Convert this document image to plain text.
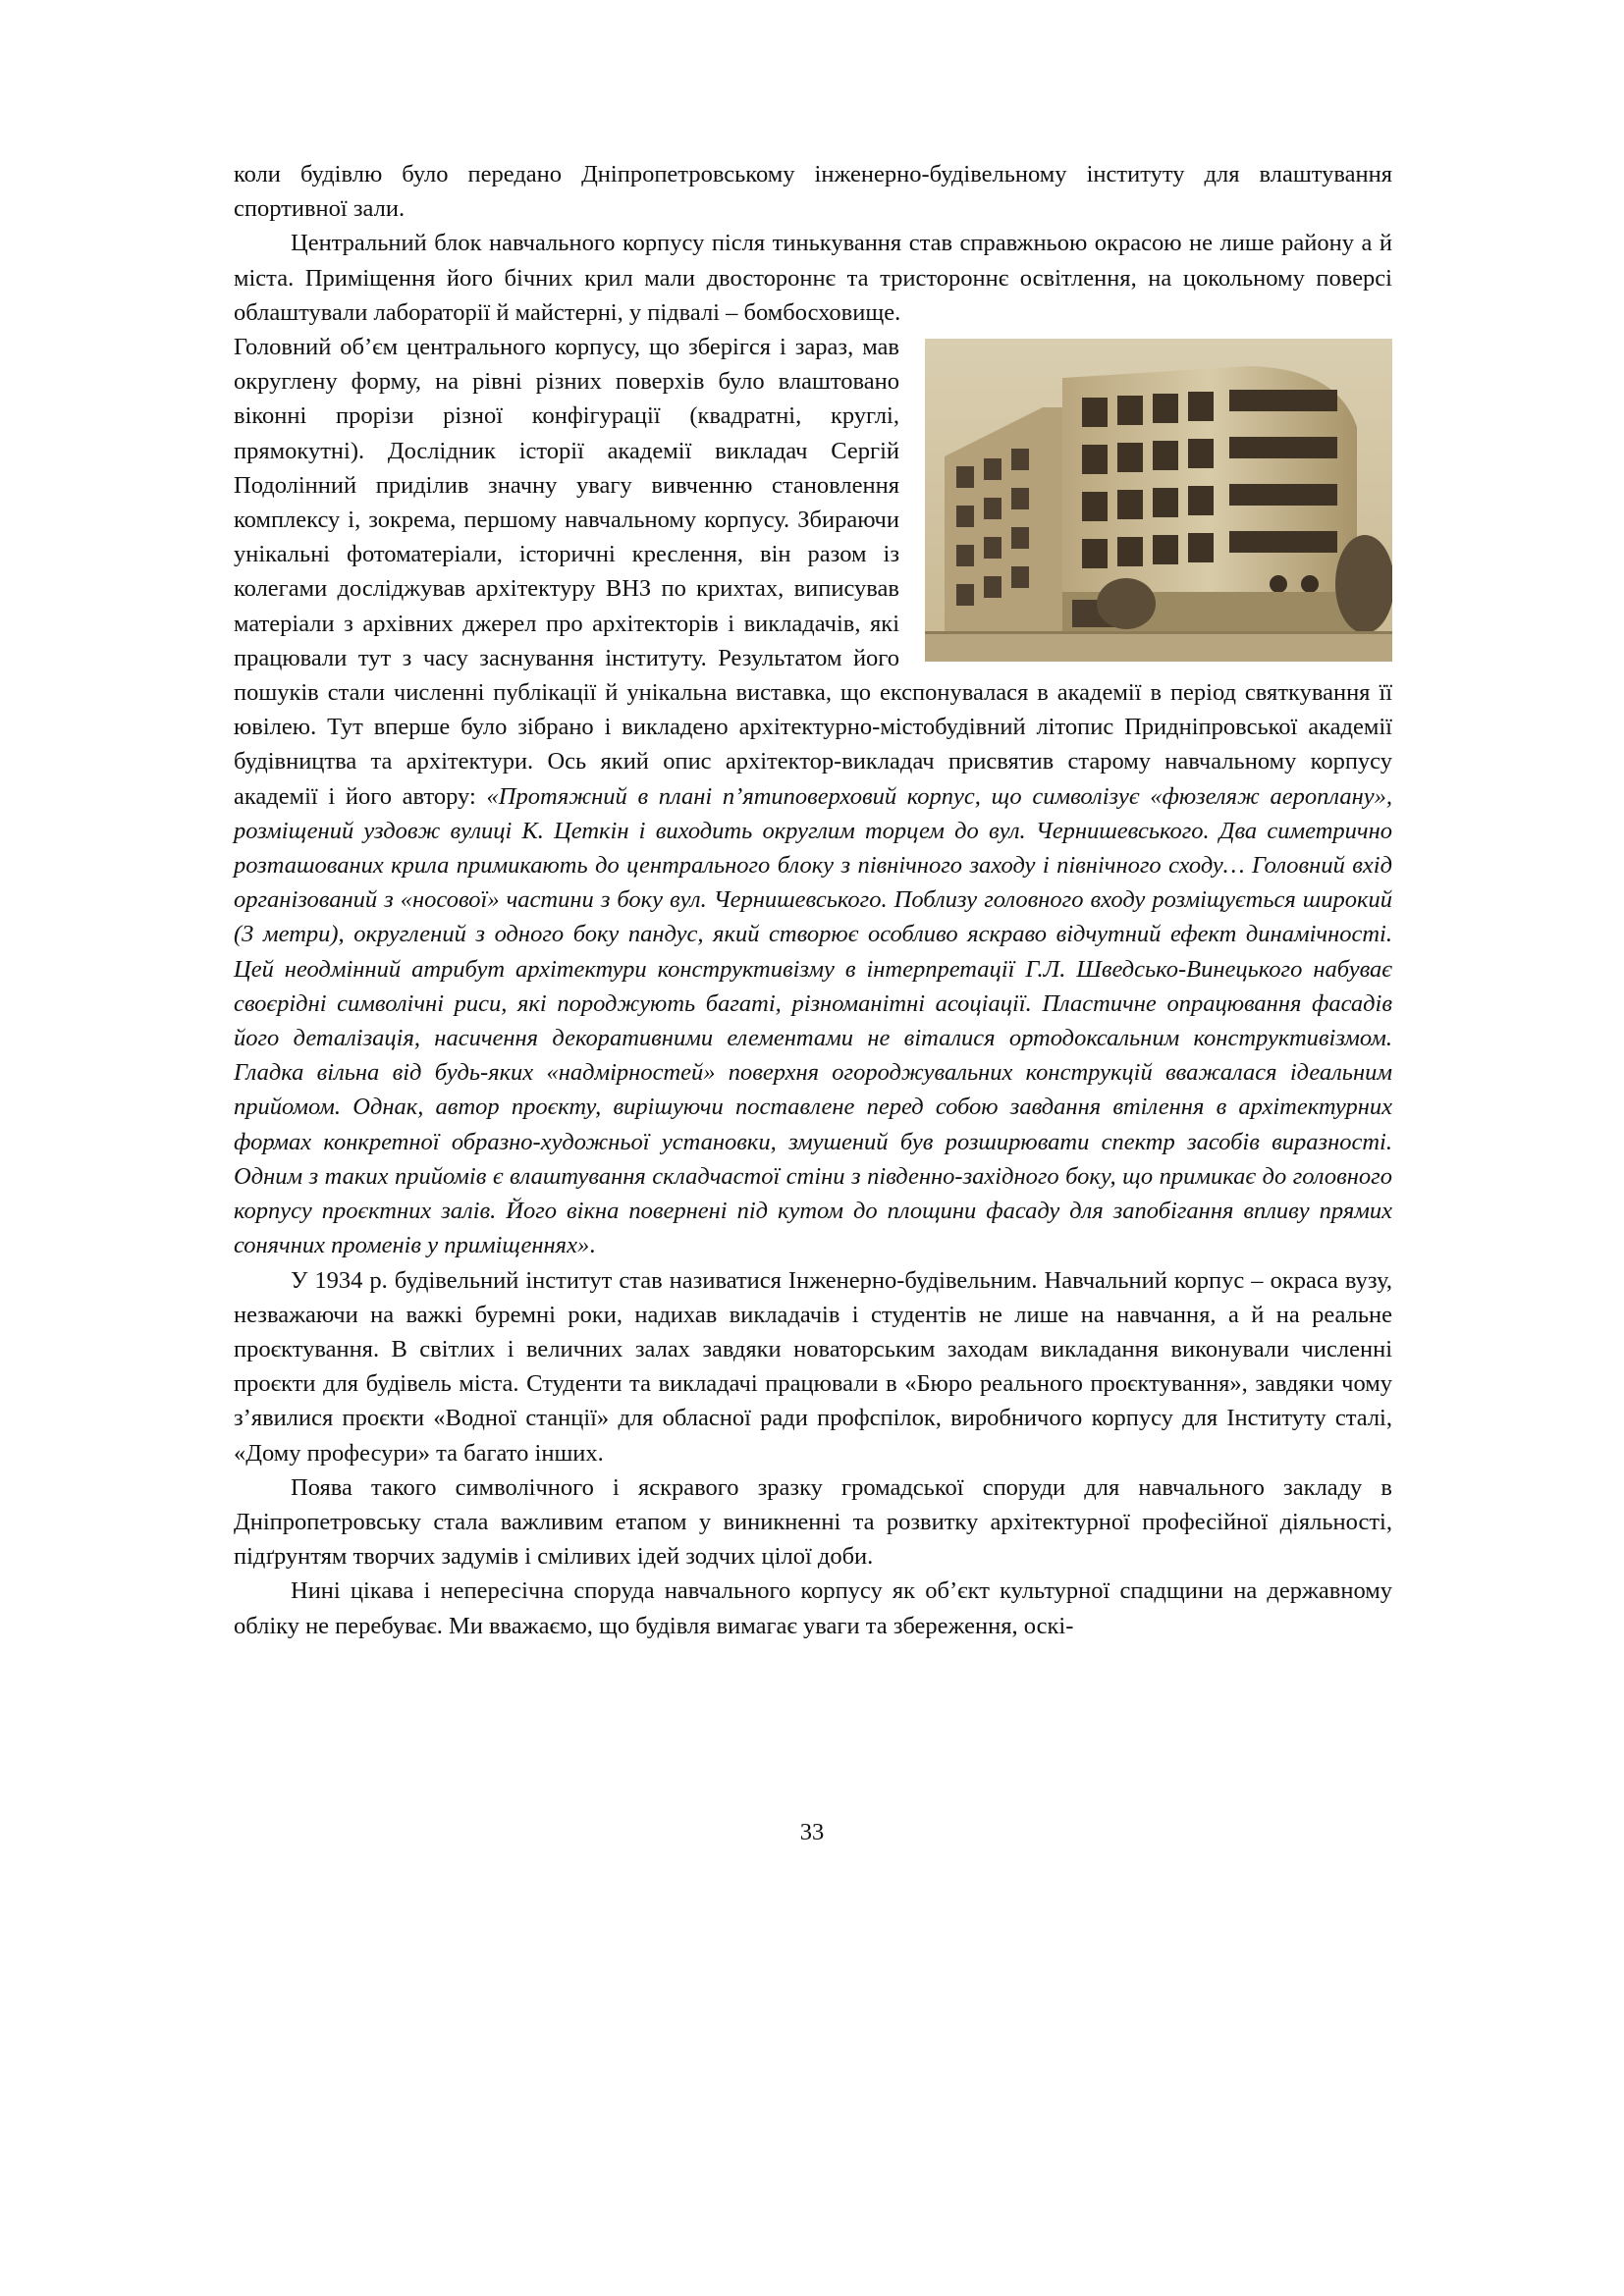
коли будівлю було передано Дніпропетровському інженерно-будівельному інституту для влаштування спортивної зали.

Центральний блок навчального корпусу після тинькування став справжньою окрасою не лише району а й міста. Приміщення його бічних крил мали двостороннє та тристороннє освітлення, на цокольному поверсі облаштували лабораторії й майстерні, у підвалі – бомбосховище.

Головний об’єм центрального корпусу, що зберігся і зараз, мав округлену форму, на рівні різних поверхів було влаштовано віконні прорізи різної конфігурації (квадратні, круглі, прямокутні). Дослідник історії академії викладач Сергій Подолінний приділив значну увагу вивченню становлення комплексу і, зокрема, першому навчальному корпусу. Збираючи унікальні фотоматеріали, історичні креслення, він разом із колегами досліджував архітектуру ВНЗ по крихтах, виписував матеріали з архівних джерел про архітекторів і викладачів, які працювали тут з часу заснування інституту. Результатом його пошуків стали численні публікації й унікальна виставка, що експонувалася в академії в період святкування її ювілею. Тут вперше було зібрано і викладено архітектурно-містобудівний літопис Придніпровської академії будівництва та архітектури. Ось який опис архітектор-викладач присвятив старому навчальному корпусу академії і його автору: «Протяжний в плані п’ятиповерховий корпус, що символізує «фюзеляж аероплану», розміщений уздовж вулиці К. Цеткін і виходить округлим торцем до вул. Чернишевського. Два симетрично розташованих крила примикають до центрального блоку з північного заходу і північного сходу… Головний вхід організований з «носової» частини з боку вул. Чернишевського. Поблизу головного входу розміщується широкий (3 метри), округлений з одного боку пандус, який створює особливо яскраво відчутний ефект динамічності. Цей неодмінний атрибут архітектури конструктивізму в інтерпретації Г.Л. Шведсько-Винецького набуває своєрідні символічні риси, які породжують багаті, різноманітні асоціації. Пластичне опрацювання фасадів його деталізація, насичення декоративними елементами не віталися ортодоксальним конструктивізмом. Гладка вільна від будь-яких «надмірностей» поверхня огороджувальних конструкцій вважалася ідеальним прийомом. Однак, автор проєкту, вирішуючи поставлене перед собою завдання втілення в архітектурних формах конкретної образно-художньої установки, змушений був розширювати спектр засобів виразності. Одним з таких прийомів є влаштування складчастої стіни з південно-західного боку, що примикає до головного корпусу проєктних залів. Його вікна повернені під кутом до площини фасаду для запобігання впливу прямих сонячних променів у приміщеннях».

У 1934 р. будівельний інститут став називатися Інженерно-будівельним. Навчальний корпус – окраса вузу, незважаючи на важкі буремні роки, надихав викладачів і студентів не лише на навчання, а й на реальне проєктування. В світлих і величних залах завдяки новаторським заходам викладання виконували численні проєкти для будівель міста. Студенти та викладачі працювали в «Бюро реального проєктування», завдяки чому з’явилися проєкти «Водної станції» для обласної ради профспілок, виробничого корпусу для Інституту сталі, «Дому професури» та багато інших.

Поява такого символічного і яскравого зразку громадської споруди для навчального закладу в Дніпропетровську стала важливим етапом у виникненні та розвитку архітектурної професійної діяльності, підґрунтям творчих задумів і сміливих ідей зодчих цілої доби.

Нині цікава і непересічна споруда навчального корпусу як об’єкт культурної спадщини на державному обліку не перебуває. Ми вважаємо, що будівля вимагає уваги та збереження, оскі-

33
